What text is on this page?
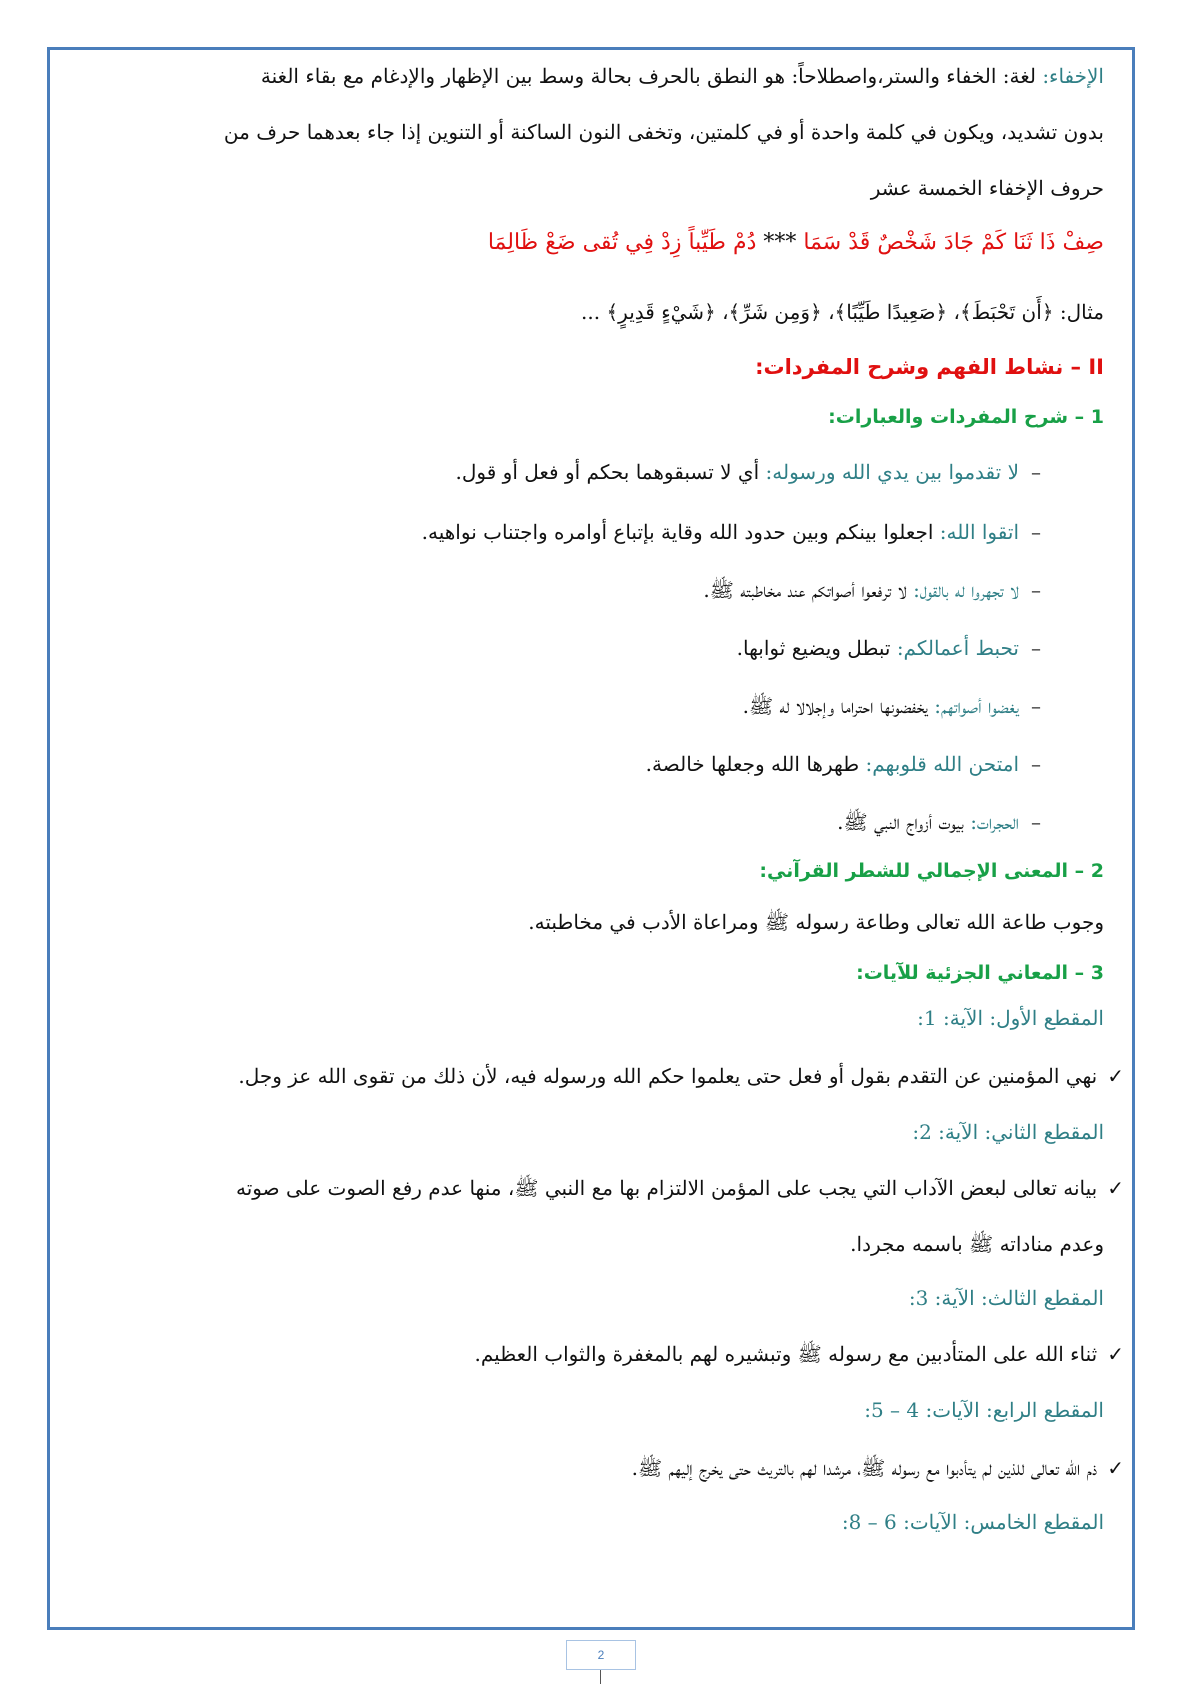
الإخفاء: لغة: الخفاء والستر،واصطلاحاً: هو النطق بالحرف بحالة وسط بين الإظهار والإدغام مع بقاء الغنة
بدون تشديد، ويكون في كلمة واحدة أو في كلمتين، وتخفى النون الساكنة أو التنوين إذا جاء بعدهما حرف من
حروف الإخفاء الخمسة عشر
صِفْ ذَا ثَنَا كَمْ جَادَ شَخْصٌ قَدْ سَمَا *** دُمْ طَيِّباً زِدْ فِي تُقى ضَعْ ظَالِمَا
مثال: ﴿أَن تَحْبَطَ﴾، ﴿صَعِيدًا طَيِّبًا﴾، ﴿وَمِن شَرِّ﴾، ﴿شَيْءٍ قَدِيرٍ﴾ ...
II – نشاط الفهم وشرح المفردات:
1 – شرح المفردات والعبارات:
–لا تقدموا بين يدي الله ورسوله: أي لا تسبقوهما بحكم أو فعل أو قول.
–اتقوا الله: اجعلوا بينكم وبين حدود الله وقاية بإتباع أوامره واجتناب نواهيه.
–لا تجهروا له بالقول: لا ترفعوا أصواتكم عند مخاطبته ﷺ.
–تحبط أعمالكم: تبطل ويضيع ثوابها.
–يغضوا أصواتهم: يخفضونها احتراما وإجلالا له ﷺ.
–امتحن الله قلوبهم: طهرها الله وجعلها خالصة.
–الحجرات: بيوت أزواج النبي ﷺ.
2 – المعنى الإجمالي للشطر القرآني:
وجوب طاعة الله تعالى وطاعة رسوله ﷺ ومراعاة الأدب في مخاطبته.
3 – المعاني الجزئية للآيات:
المقطع الأول: الآية: 1:
✓نهي المؤمنين عن التقدم بقول أو فعل حتى يعلموا حكم الله ورسوله فيه، لأن ذلك من تقوى الله عز وجل.
المقطع الثاني: الآية: 2:
✓بيانه تعالى لبعض الآداب التي يجب على المؤمن الالتزام بها مع النبي ﷺ، منها عدم رفع الصوت على صوته
وعدم مناداته ﷺ باسمه مجردا.
المقطع الثالث: الآية: 3:
✓ثناء الله على المتأدبين مع رسوله ﷺ وتبشيره لهم بالمغفرة والثواب العظيم.
المقطع الرابع: الآيات: 4 – 5:
✓ذم الله تعالى للذين لم يتأدبوا مع رسوله ﷺ، مرشدا لهم بالتريث حتى يخرج إليهم ﷺ.
المقطع الخامس: الآيات: 6 – 8:
2
